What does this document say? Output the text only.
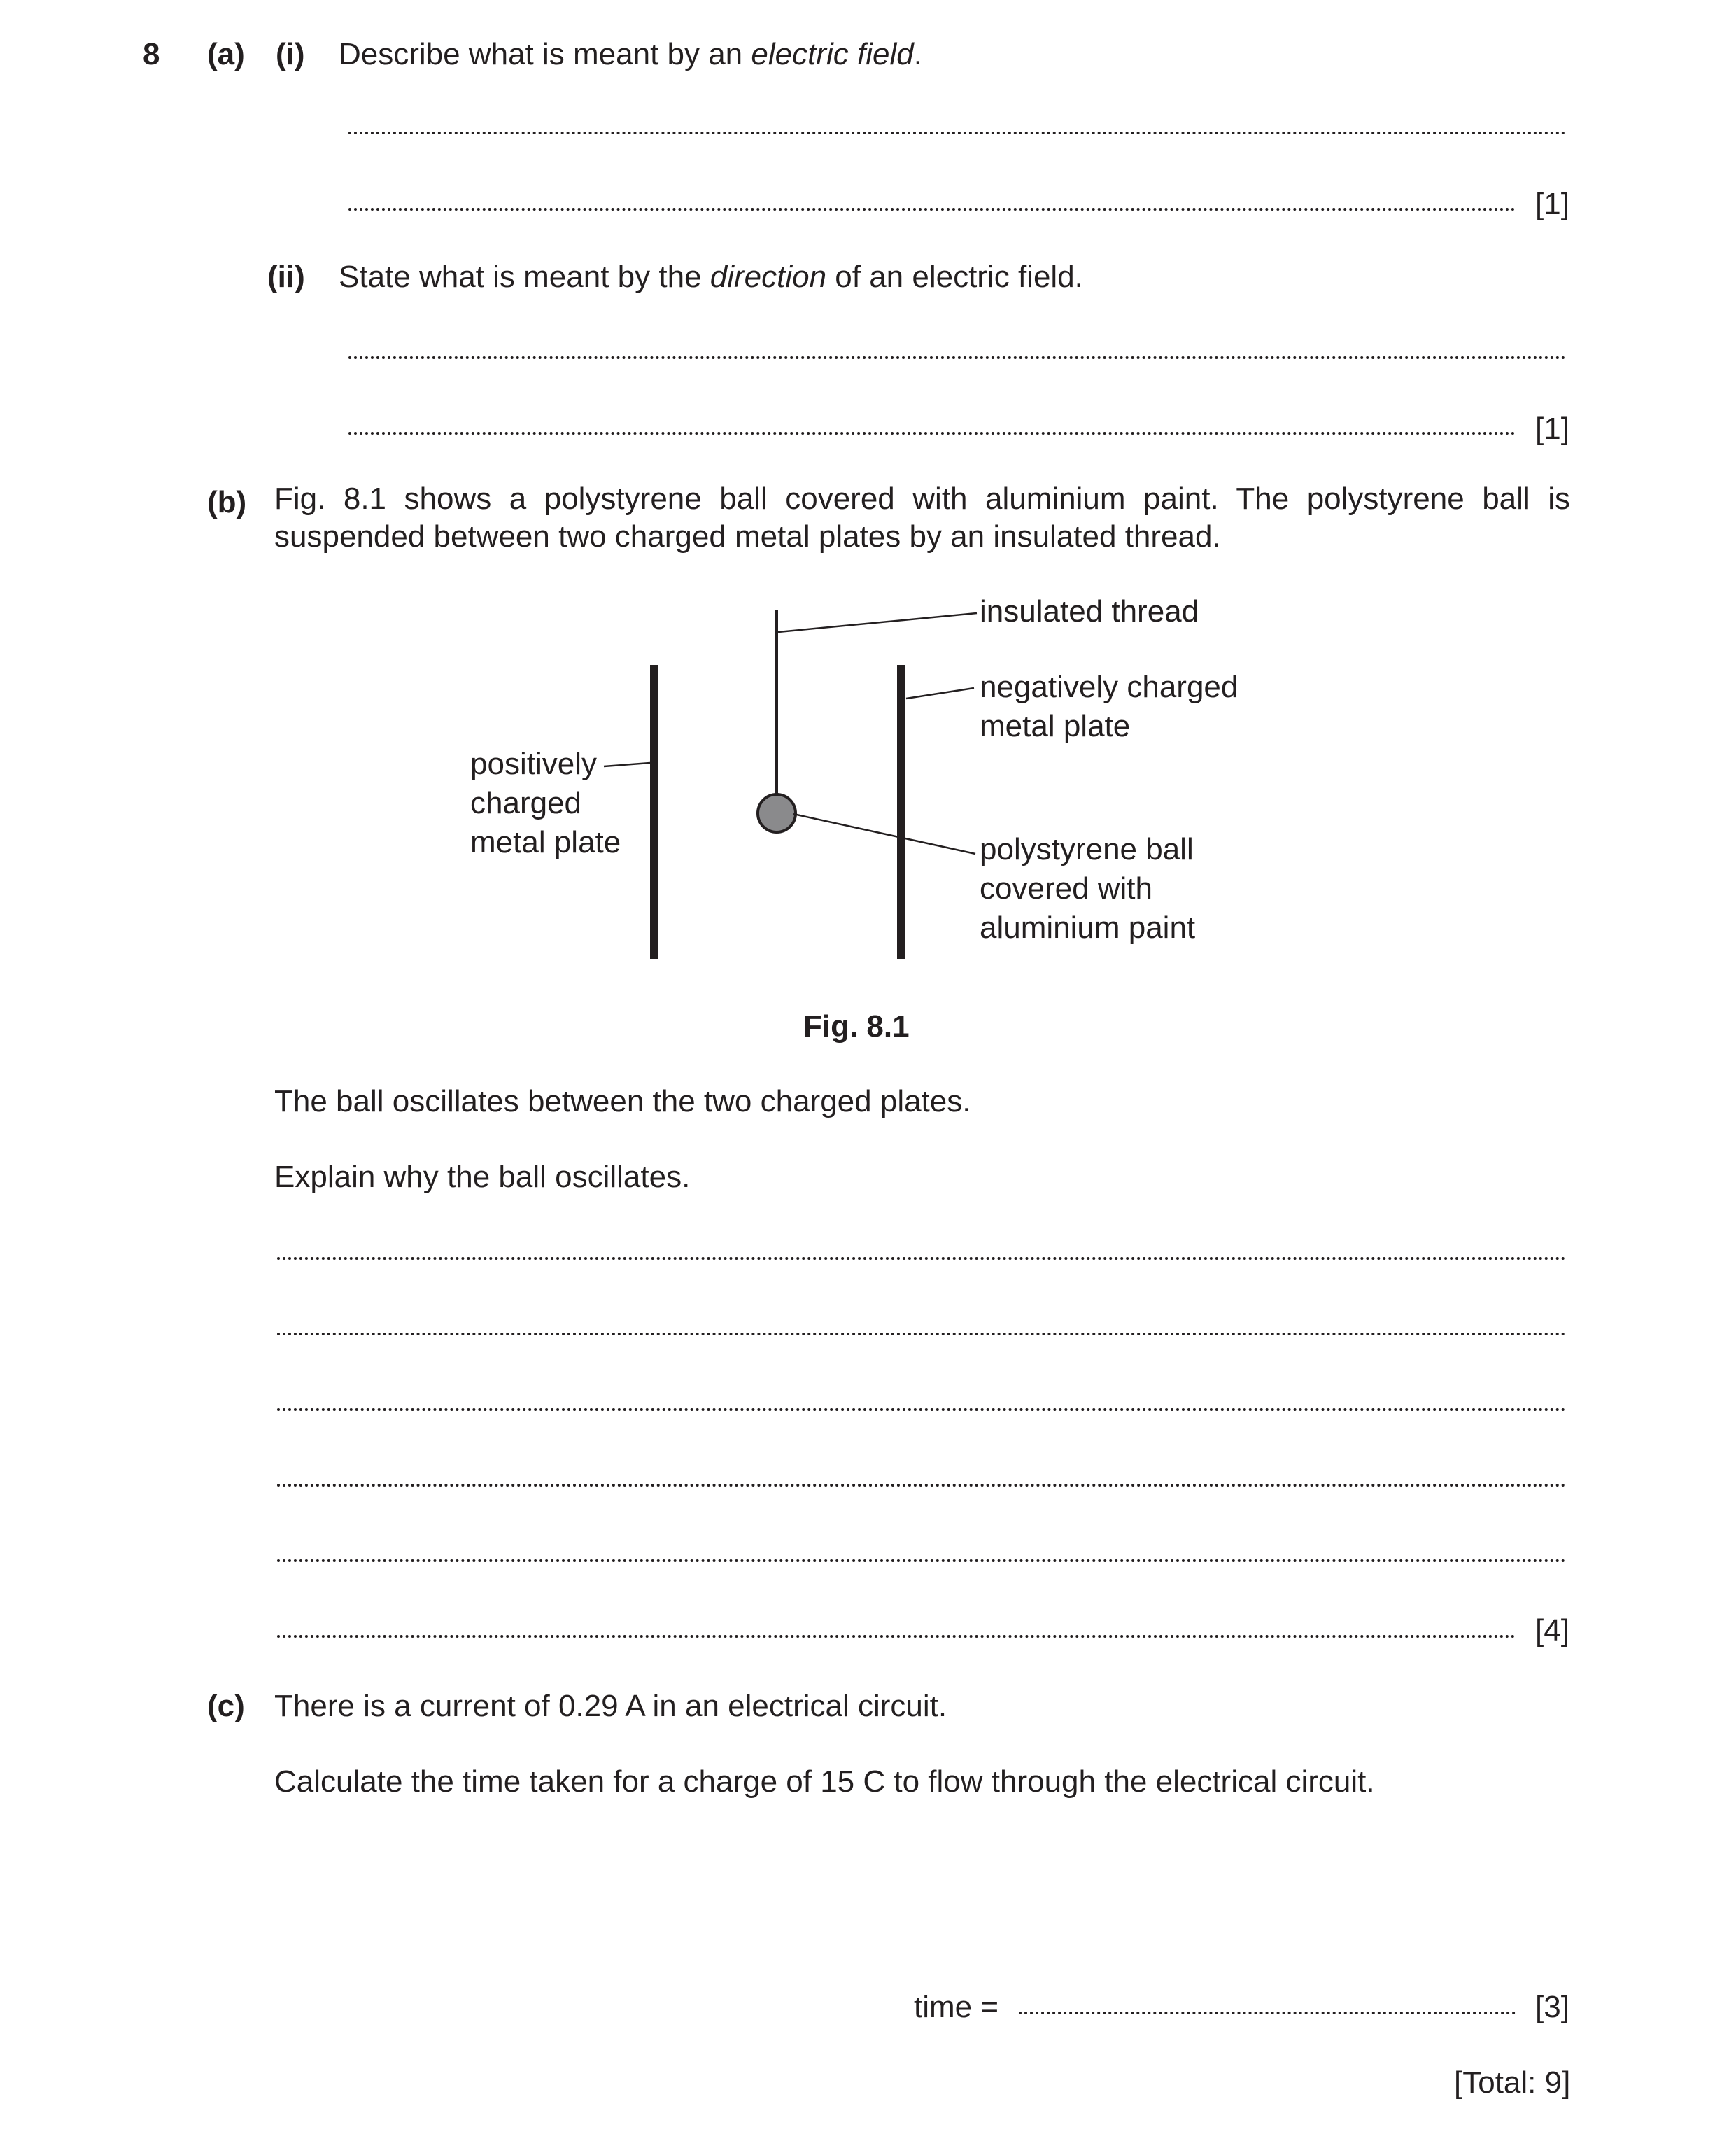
8 (a) (i) Describe what is meant by an electric field.
[1]
(ii) State what is meant by the direction of an electric field.
[1]
(b) Fig. 8.1 shows a polystyrene ball covered with aluminium paint. The polystyrene ball is suspended between two charged metal plates by an insulated thread.
insulated thread
negatively charged
metal plate
positively
charged
metal plate	polystyrene ball
covered with
aluminium paint
Fig. 8.1
The ball oscillates between the two charged plates.
Explain why the ball oscillates.
[4]
(c) There is a current of 0.29 A in an electrical circuit.
Calculate the time taken for a charge of 15 C to flow through the electrical circuit.
time =	[3]
[Total: 9]
